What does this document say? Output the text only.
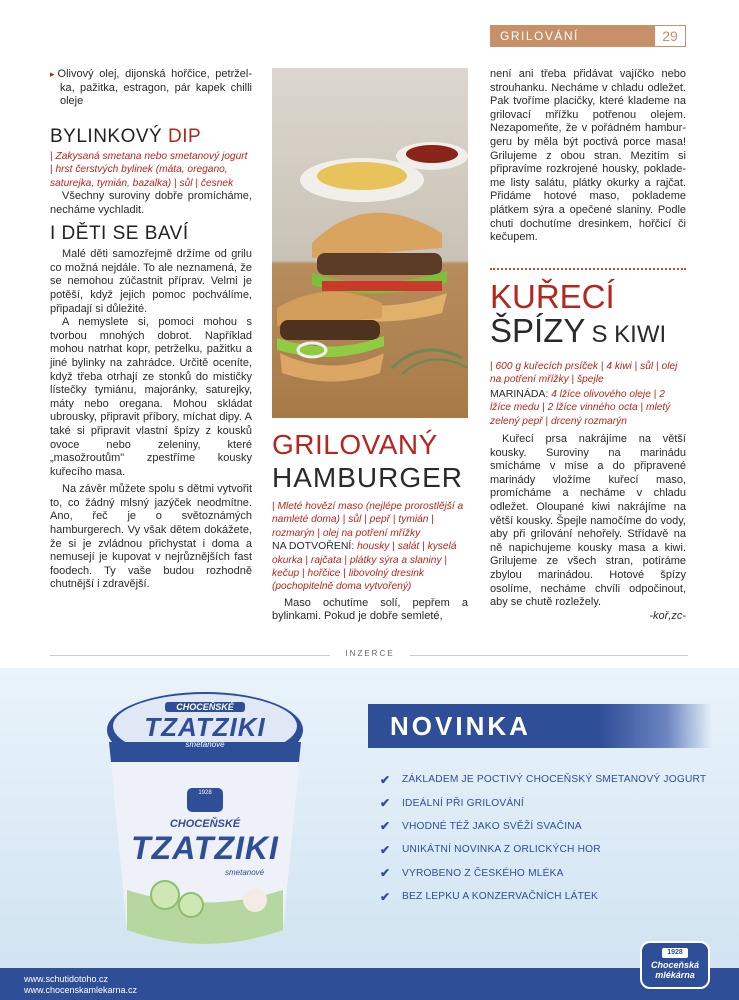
GRILOVÁNÍ	29

▸ Olivový olej, dijonská hořčice, petrželka, pažitka, estragon, pár kapek chilli oleje

BYLINKOVÝ DIP
| Zakysaná smetana nebo smetanový jogurt | hrst čerstvých bylinek (máta, oregano, saturejka, tymián, bazalka) | sůl | česnek

Všechny suroviny dobře promícháme, necháme vychladit.

I DĚTI SE BAVÍ

Malé děti samozřejmě držíme od grilu co možná nejdále. To ale neznamená, že se nemohou zúčastnit příprav. Velmi je potěší, když jejich pomoc pochválíme, připadají si důležité.

A nemyslete si, pomoci mohou s tvorbou mnohých dobrot. Například mohou natrhat kopr, petrželku, pažitku a jiné bylinky na zahrádce. Určitě oceníte, když třeba otrhají ze stonků do mističky lístečky tymiánu, majoránky, saturejky, máty nebo oregana. Mohou skládat ubrousky, připravit příbory, míchat dipy. A také si připravit vlastní špízy z kousků ovoce nebo zeleniny, které „masožroutům" zpestříme kousky kuřecího masa.

Na závěr můžete spolu s dětmi vytvořit to, co žádný mlsný jazýček neodmítne. Ano, řeč je o světoznámých hamburgerech. Vy však dětem dokážete, že si je zvládnou přichystat i doma a nemusejí je kupovat v nejrůznějších fast foodech. Ty vaše budou rozhodně chutnější i zdravější.

GRILOVANÝ
HAMBURGER
| Mleté hovězí maso (nejlépe prorostlější a namleté doma) | sůl | pepř | tymián | rozmarýn | olej na potření mřížky
NA DOTVOŘENÍ: housky | salát | kyselá okurka | rajčata | plátky sýra a slaniny | kečup | hořčice | libovolný dresink (pochopitelně doma vytvořený)

Maso ochutíme solí, pepřem a bylinkami. Pokud je dobře semleté,

není ani třeba přidávat vajíčko nebo strouhanku. Necháme v chladu odležet. Pak tvoříme placičky, které klademe na grilovací mřížku potřenou olejem. Nezapomeňte, že v pořádném hamburgeru by měla být poctivá porce masa! Grilujeme z obou stran. Mezitím si připravíme rozkrojené housky, poklademe listy salátu, plátky okurky a rajčat. Přidáme hotové maso, poklademe plátkem sýra a opečené slaniny. Podle chuti dochutíme dresinkem, hořčicí či kečupem.

KUŘECÍ
ŠPÍZY S KIWI
| 600 g kuřecích prsíček | 4 kiwi | sůl | olej na potření mřížky | špejle
MARINÁDA: 4 lžíce olivového oleje | 2 lžíce medu | 2 lžíce vinného octa | mletý zelený pepř | drcený rozmarýn

Kuřecí prsa nakrájíme na větší kousky. Suroviny na marinádu smícháme v míse a do připravené marinády vložíme kuřecí maso, promícháme a necháme v chladu odležet. Oloupané kiwi nakrájíme na větší kousky. Špejle namočíme do vody, aby při grilování nehořely. Střídavě na ně napichujeme kousky masa a kiwi. Grilujeme ze všech stran, potíráme zbylou marinádou. Hotové špízy osolíme, necháme chvíli odpočinout, aby se chutě rozležely.

-koř,zc-

INZERCE
CHOCEŇSKÉ
TZATZIKI
smetanové
1928
CHOCEŇSKÉ
TZATZIKI
smetanové
NOVINKA
✔	ZÁKLADEM JE POCTIVÝ CHOCEŇSKÝ SMETANOVÝ JOGURT
✔	IDEÁLNÍ PŘI GRILOVÁNÍ
✔	VHODNÉ TÉŽ JAKO SVĚŽÍ SVAČINA
✔	UNIKÁTNÍ NOVINKA Z ORLICKÝCH HOR
✔	VYROBENO Z ČESKÉHO MLÉKA
✔	BEZ LEPKU A KONZERVAČNÍCH LÁTEK
www.schutidotoho.cz
www.chocenskamlekarna.cz
1928
Choceňská mlékárna
